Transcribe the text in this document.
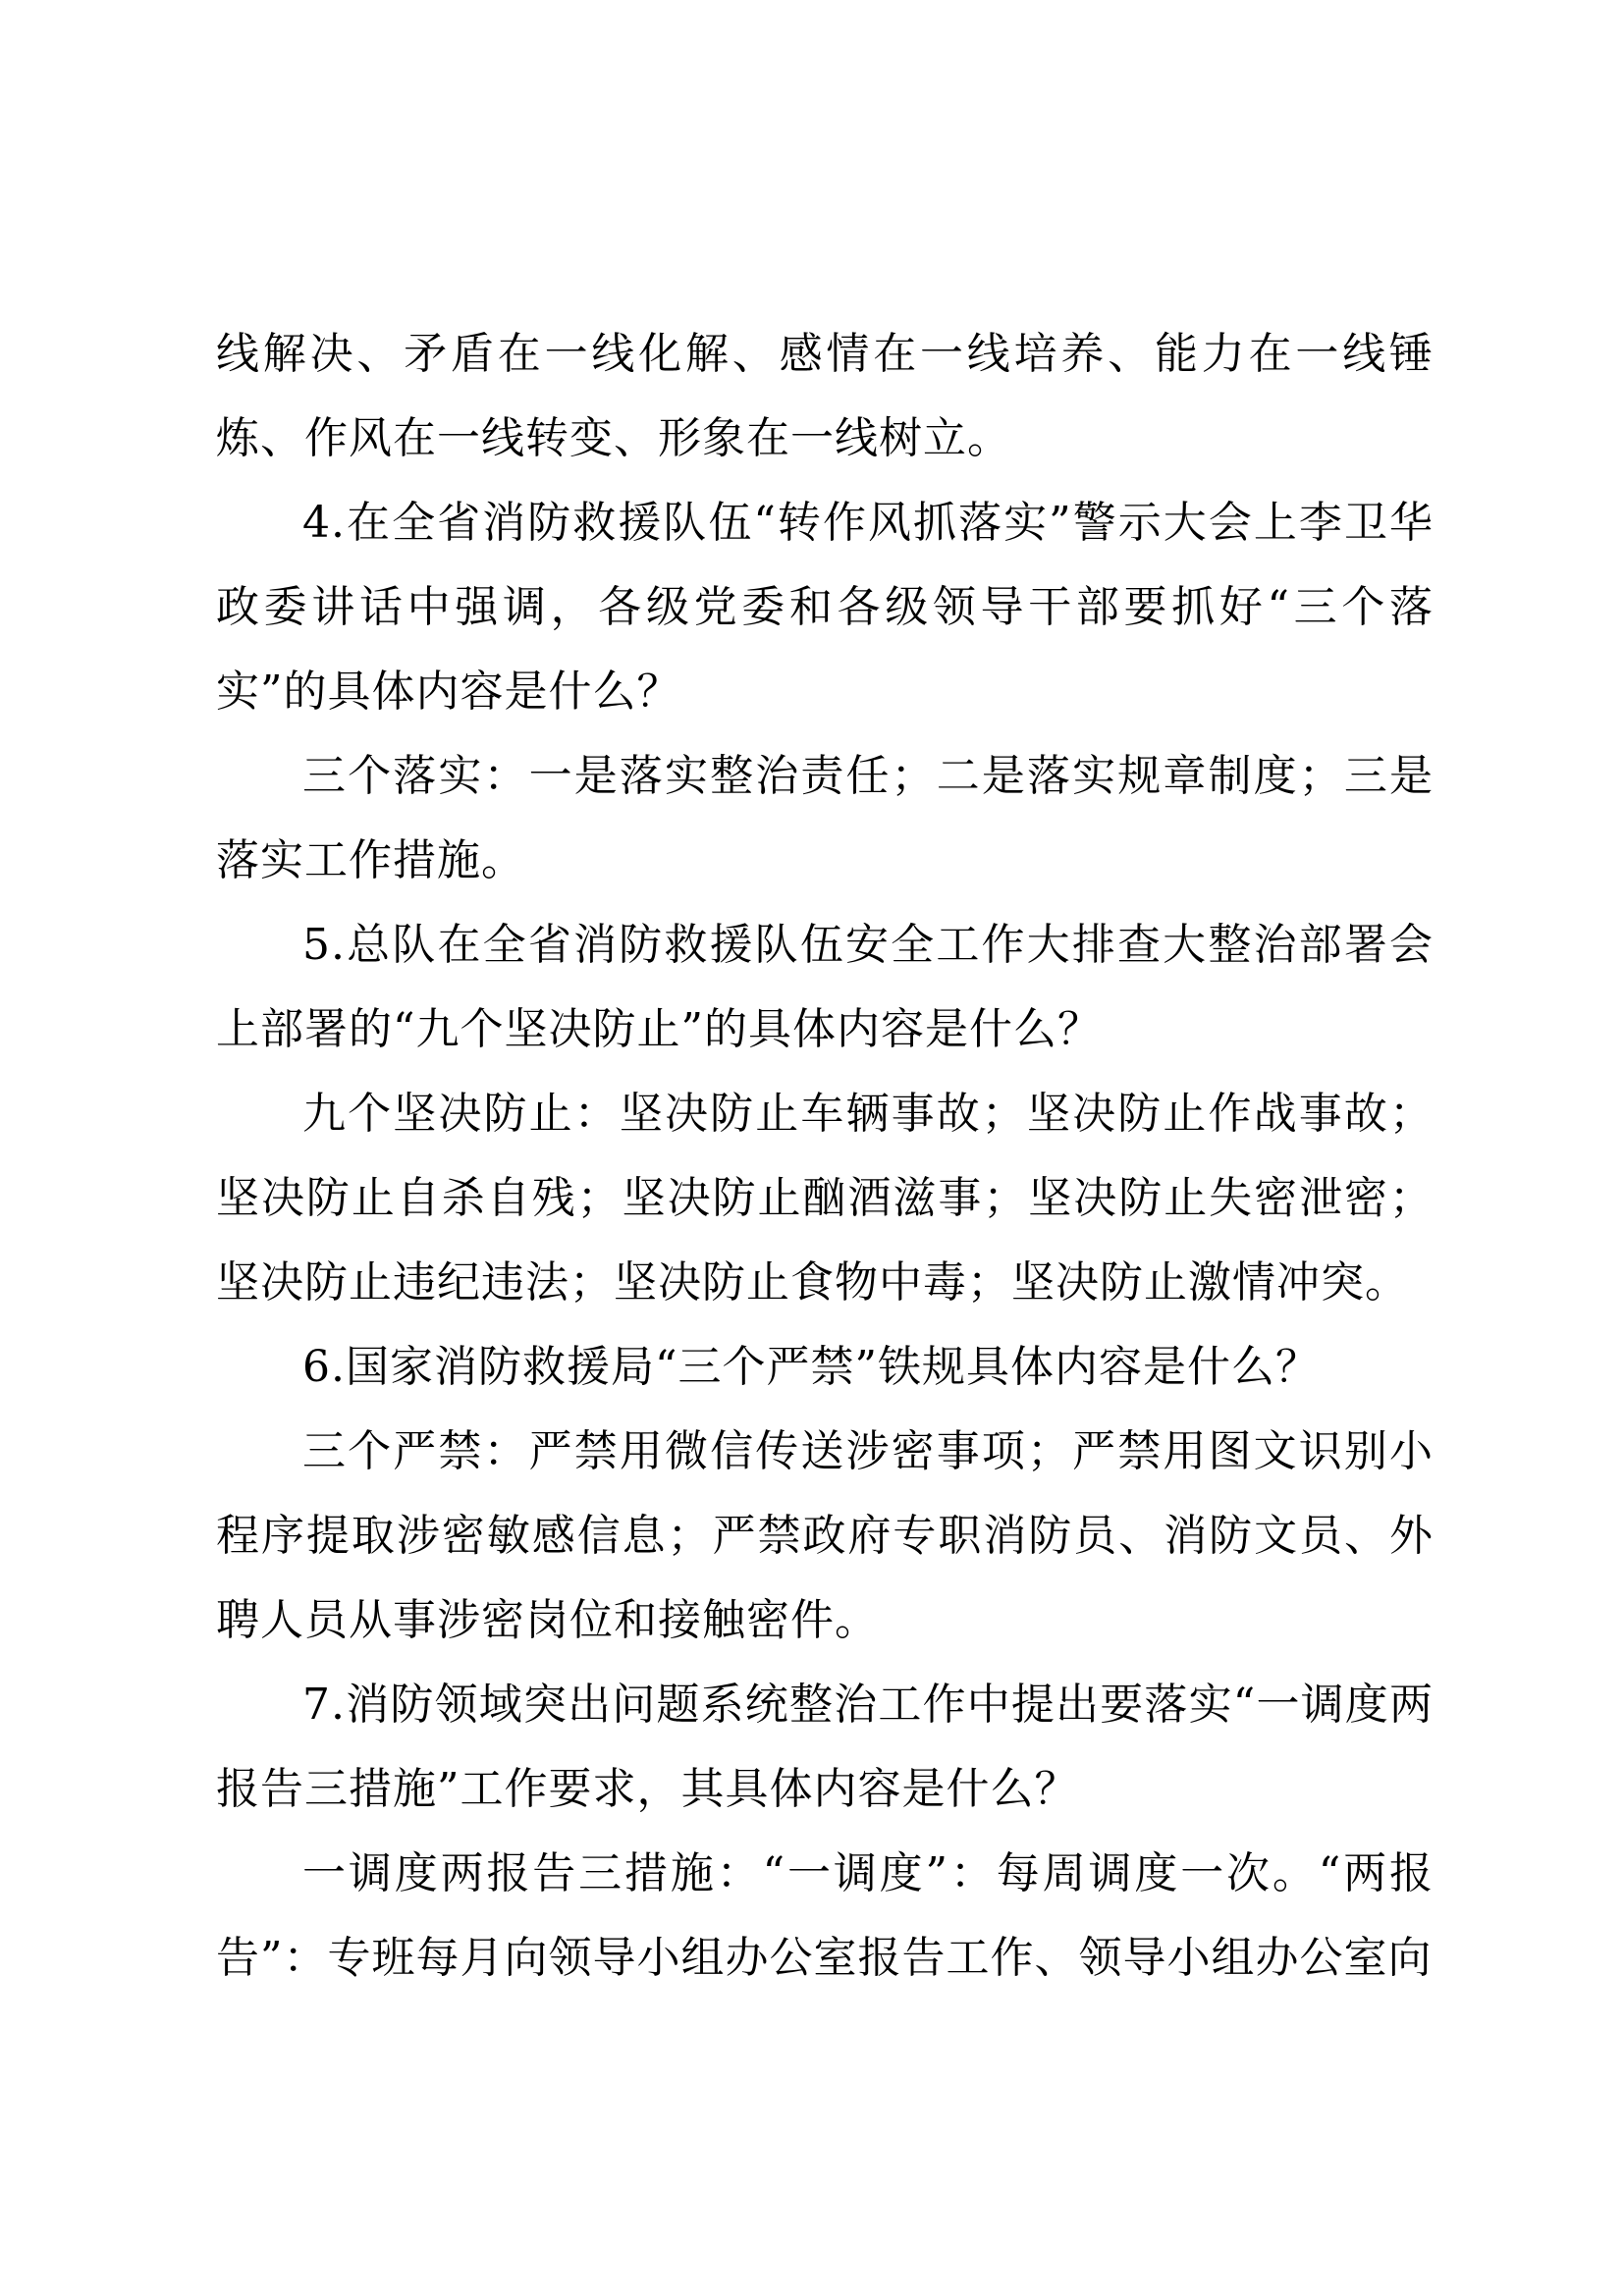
线解决、矛盾在一线化解、感情在一线培养、能力在一线锤炼、作风在一线转变、形象在一线树立。

4.在全省消防救援队伍“转作风抓落实”警示大会上李卫华政委讲话中强调，各级党委和各级领导干部要抓好“三个落实”的具体内容是什么？

三个落实：一是落实整治责任；二是落实规章制度；三是落实工作措施。

5.总队在全省消防救援队伍安全工作大排查大整治部署会上部署的“九个坚决防止”的具体内容是什么？

九个坚决防止：坚决防止车辆事故；坚决防止作战事故；坚决防止自杀自残；坚决防止酗酒滋事；坚决防止失密泄密；坚决防止违纪违法；坚决防止食物中毒；坚决防止激情冲突。

6.国家消防救援局“三个严禁”铁规具体内容是什么？

三个严禁：严禁用微信传送涉密事项；严禁用图文识别小程序提取涉密敏感信息；严禁政府专职消防员、消防文员、外聘人员从事涉密岗位和接触密件。

7.消防领域突出问题系统整治工作中提出要落实“一调度两报告三措施”工作要求，其具体内容是什么？

一调度两报告三措施：“一调度”：每周调度一次。“两报告”：专班每月向领导小组办公室报告工作、领导小组办公室向
